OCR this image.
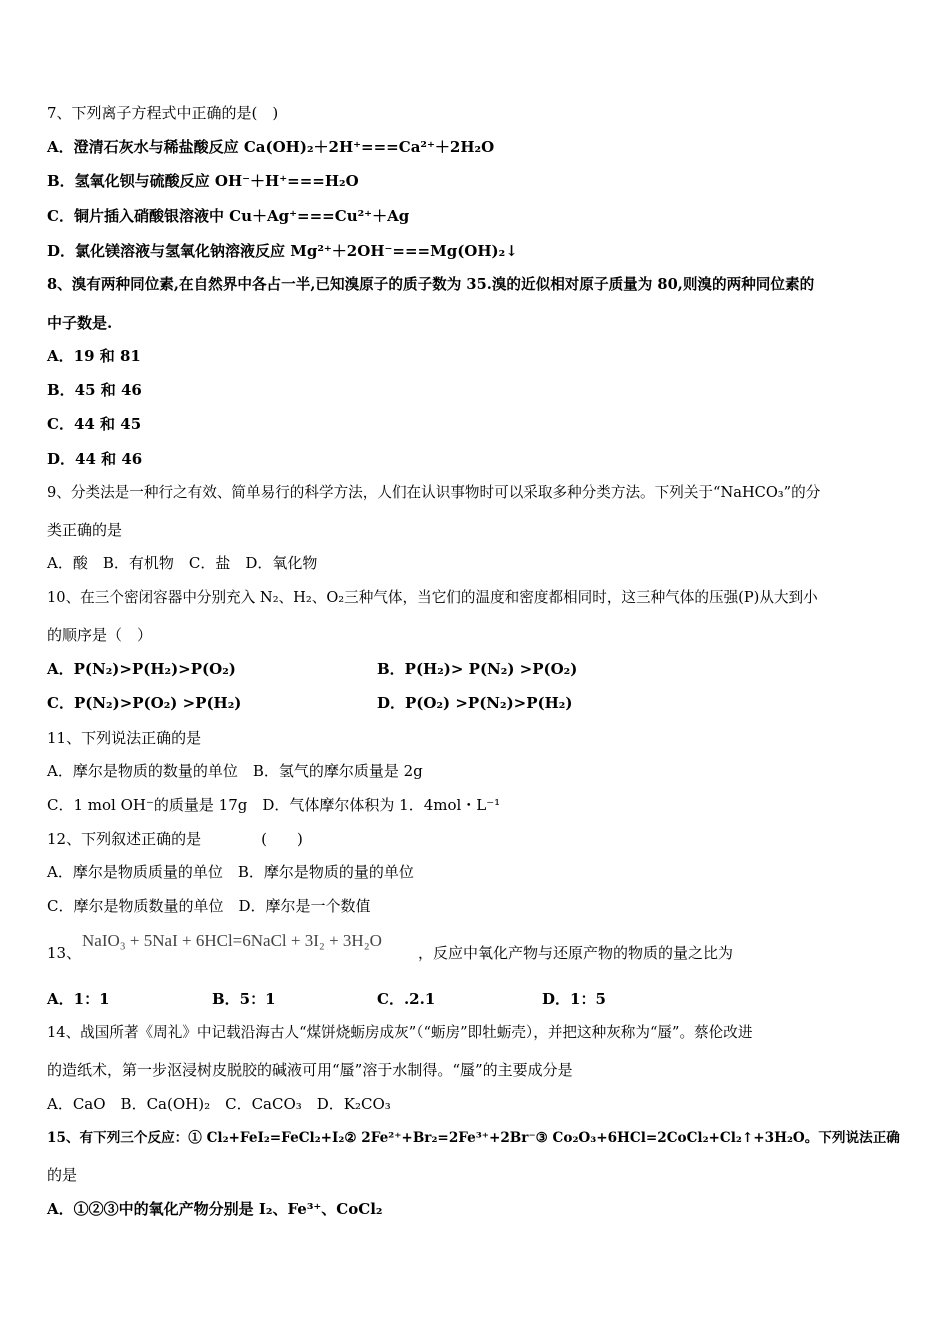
7、下列离子方程式中正确的是(　)
A．澄清石灰水与稀盐酸反应 Ca(OH)₂＋2H⁺===Ca²⁺＋2H₂O
B．氢氧化钡与硫酸反应 OH⁻＋H⁺===H₂O
C．铜片插入硝酸银溶液中 Cu＋Ag⁺===Cu²⁺＋Ag
D．氯化镁溶液与氢氧化钠溶液反应 Mg²⁺＋2OH⁻===Mg(OH)₂↓
8、溴有两种同位素,在自然界中各占一半,已知溴原子的质子数为 35.溴的近似相对原子质量为 80,则溴的两种同位素的
中子数是.
A．19 和 81
B．45 和 46
C．44 和 45
D．44 和 46
9、分类法是一种行之有效、简单易行的科学方法，人们在认识事物时可以采取多种分类方法。下列关于“NaHCO₃”的分
类正确的是
A．酸　B．有机物　C．盐　D．氧化物
10、在三个密闭容器中分别充入 N₂、H₂、O₂三种气体，当它们的温度和密度都相同时，这三种气体的压强(P)从大到小
的顺序是（　）
A．P(N₂)>P(H₂)>P(O₂)	B．P(H₂)> P(N₂) >P(O₂)
C．P(N₂)>P(O₂) >P(H₂)	D．P(O₂) >P(N₂)>P(H₂)
11、下列说法正确的是
A．摩尔是物质的数量的单位　B．氢气的摩尔质量是 2g
C．1 mol OH⁻的质量是 17g　D．气体摩尔体积为 1．4mol・L⁻¹
12、下列叙述正确的是　　　　(　　)
A．摩尔是物质质量的单位　B．摩尔是物质的量的单位
C．摩尔是物质数量的单位　D．摩尔是一个数值
13、
NaIO₃ + 5NaI + 6HCl=6NaCl + 3I₂ + 3H₂O
，反应中氧化产物与还原产物的物质的量之比为
A．1：1	B．5：1	C．.2.1	D．1：5
14、战国所著《周礼》中记载沿海古人“煤饼烧蛎房成灰”（“蛎房”即牡蛎壳），并把这种灰称为“蜃”。蔡伦改进
的造纸术，第一步沤浸树皮脱胶的碱液可用“蜃”溶于水制得。“蜃”的主要成分是
A．CaO　B．Ca(OH)₂　C．CaCO₃　D．K₂CO₃
15、有下列三个反应：① Cl₂+FeI₂=FeCl₂+I₂② 2Fe²⁺+Br₂=2Fe³⁺+2Br⁻③ Co₂O₃+6HCl=2CoCl₂+Cl₂↑+3H₂O。下列说法正确
的是
A．①②③中的氧化产物分别是 I₂、Fe³⁺、CoCl₂
